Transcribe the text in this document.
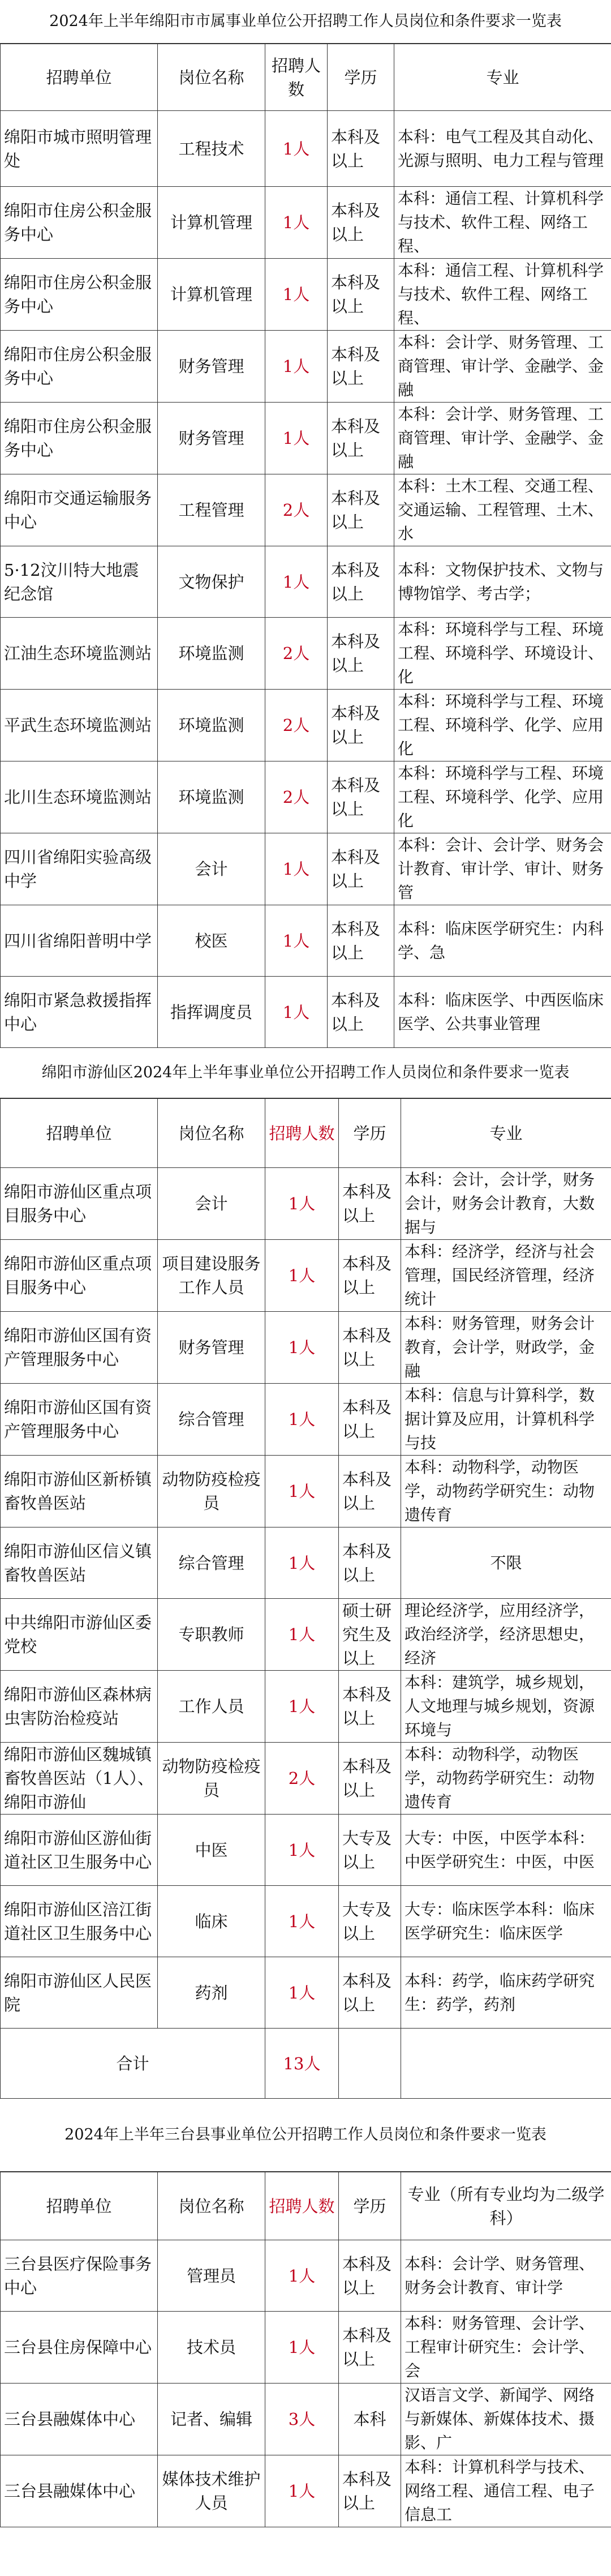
2024年上半年绵阳市市属事业单位公开招聘工作人员岗位和条件要求一览表
招聘单位	岗位名称	招聘人数	学历	专业
绵阳市城市照明管理处	工程技术	1人	本科及以上	本科：电气工程及其自动化、光源与照明、电力工程与管理

绵阳市住房公积金服务中心	计算机管理	1人	本科及以上	本科：通信工程、计算机科学与技术、软件工程、网络工程、

绵阳市住房公积金服务中心	计算机管理	1人	本科及以上	本科：通信工程、计算机科学与技术、软件工程、网络工程、

绵阳市住房公积金服务中心	财务管理	1人	本科及以上	本科：会计学、财务管理、工商管理、审计学、金融学、金融

绵阳市住房公积金服务中心	财务管理	1人	本科及以上	本科：会计学、财务管理、工商管理、审计学、金融学、金融

绵阳市交通运输服务中心	工程管理	2人	本科及以上	本科：土木工程、交通工程、交通运输、工程管理、土木、水

5·12汶川特大地震纪念馆	文物保护	1人	本科及以上	本科：文物保护技术、文物与博物馆学、考古学；

江油生态环境监测站	环境监测	2人	本科及以上	本科：环境科学与工程、环境工程、环境科学、环境设计、化

平武生态环境监测站	环境监测	2人	本科及以上	本科：环境科学与工程、环境工程、环境科学、化学、应用化

北川生态环境监测站	环境监测	2人	本科及以上	本科：环境科学与工程、环境工程、环境科学、化学、应用化

四川省绵阳实验高级中学	会计	1人	本科及以上	本科：会计、会计学、财务会计教育、审计学、审计、财务管

四川省绵阳普明中学	校医	1人	本科及以上	本科：临床医学研究生：内科学、急

绵阳市紧急救援指挥中心	指挥调度员	1人	本科及以上	本科：临床医学、中西医临床医学、公共事业管理
绵阳市游仙区2024年上半年事业单位公开招聘工作人员岗位和条件要求一览表
招聘单位	岗位名称	招聘人数	学历	专业
绵阳市游仙区重点项目服务中心	会计	1人	本科及以上	本科：会计，会计学，财务会计，财务会计教育，大数据与

绵阳市游仙区重点项目服务中心	项目建设服务工作人员	1人	本科及以上	本科：经济学，经济与社会管理，国民经济管理，经济统计

绵阳市游仙区国有资产管理服务中心	财务管理	1人	本科及以上	本科：财务管理，财务会计教育，会计学，财政学，金融

绵阳市游仙区国有资产管理服务中心	综合管理	1人	本科及以上	本科：信息与计算科学，数据计算及应用，计算机科学与技

绵阳市游仙区新桥镇畜牧兽医站	动物防疫检疫员	1人	本科及以上	本科：动物科学，动物医学，动物药学研究生：动物遗传育

绵阳市游仙区信义镇畜牧兽医站	综合管理	1人	本科及以上	不限
中共绵阳市游仙区委党校	专职教师	1人	硕士研究生及以上	理论经济学，应用经济学，政治经济学，经济思想史，经济

绵阳市游仙区森林病虫害防治检疫站	工作人员	1人	本科及以上	本科：建筑学，城乡规划，人文地理与城乡规划，资源环境与

绵阳市游仙区魏城镇畜牧兽医站（1人）、绵阳市游仙	动物防疫检疫员	2人	本科及以上	本科：动物科学，动物医学，动物药学研究生：动物遗传育

绵阳市游仙区游仙街道社区卫生服务中心	中医	1人	大专及以上	大专：中医，中医学本科：中医学研究生：中医，中医

绵阳市游仙区涪江街道社区卫生服务中心	临床	1人	大专及以上	大专：临床医学本科：临床医学研究生：临床医学

绵阳市游仙区人民医院	药剂	1人	本科及以上	本科：药学，临床药学研究生：药学，药剂

合计		13人		
2024年上半年三台县事业单位公开招聘工作人员岗位和条件要求一览表
招聘单位	岗位名称	招聘人数	学历	专业（所有专业均为二级学科）
三台县医疗保险事务中心	管理员	1人	本科及以上	本科：会计学、财务管理、财务会计教育、审计学

三台县住房保障中心	技术员	1人	本科及以上	本科：财务管理、会计学、工程审计研究生：会计学、会

三台县融媒体中心	记者、编辑	3人	本科	汉语言文学、新闻学、网络与新媒体、新媒体技术、摄影、广

三台县融媒体中心	媒体技术维护人员	1人	本科及以上	本科：计算机科学与技术、网络工程、通信工程、电子信息工
